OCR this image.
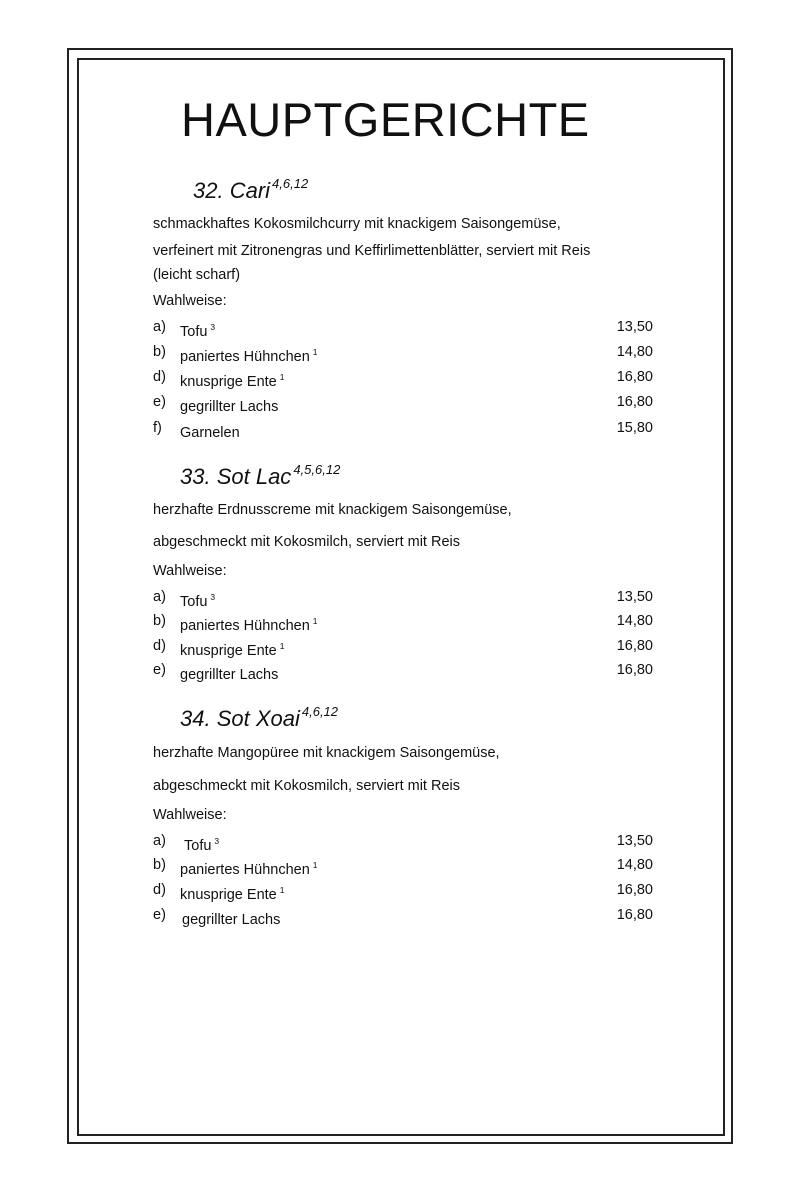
HAUPTGERICHTE
32. Cari $^{4,6,12}$

schmackhaftes Kokosmilchcurry mit knackigem Saisongemüse,

verfeinert mit Zitronengras und Keffirlimettenblätter, serviert mit Reis

(leicht scharf)

Wahlweise:

a) Tofu $^3$	13,50
b) paniertes Hühnchen $^1$	14,80
d) knusprige Ente $^1$	16,80
e) gegrillter Lachs	16,80
f) Garnelen	15,80
33. Sot Lac $^{4,5,6,12}$

herzhafte Erdnusscreme mit knackigem Saisongemüse,

abgeschmeckt mit Kokosmilch, serviert mit Reis

Wahlweise:

a) Tofu $^3$	13,50
b) paniertes Hühnchen $^1$	14,80
d) knusprige Ente $^1$	16,80
e) gegrillter Lachs	16,80
34. Sot Xoai $^{4,6,12}$

herzhafte Mangopüree mit knackigem Saisongemüse,

abgeschmeckt mit Kokosmilch, serviert mit Reis

Wahlweise:

a) Tofu $^3$	13,50
b) paniertes Hühnchen $^1$	14,80
d) knusprige Ente $^1$	16,80
e) gegrillter Lachs	16,80
